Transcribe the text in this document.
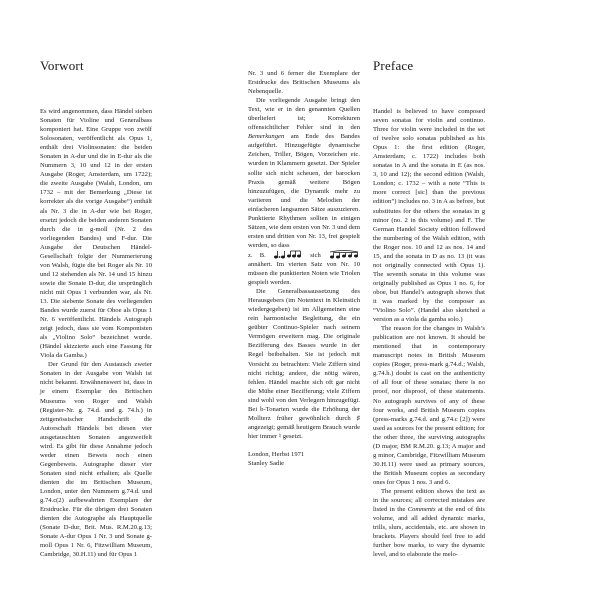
Vorwort

Es wird angenommen, dass Händel sieben Sonaten für Violine und Generalbass komponiert hat. Eine Gruppe von zwölf Solosonaten, veröffentlicht als Opus 1, enthält drei Violinsonaten: die beiden Sonaten in A-dur und die in E-dur als die Nummern 3, 10 und 12 in der ersten Ausgabe (Roger, Amsterdam, um 1722); die zweite Ausgabe (Walsh, London, um 1732 – mit der Bemerkung „Diese ist korrekter als die vorige Ausgabe“) enthält als Nr. 3 die in A-dur wie bei Roger, ersetzt jedoch die beiden anderen Sonaten durch die in g-moll (Nr. 2 des vorliegenden Bandes) und F-dur. Die Ausgabe der Deutschen Händel-Gesellschaft folgte der Nummerierung von Walsh, fügte die bei Roger als Nr. 10 und 12 stehenden als Nr. 14 und 15 hinzu sowie die Sonate D-dur, die ursprünglich nicht mit Opus 1 verbunden war, als Nr. 13. Die siebente Sonate des vorliegenden Bandes wurde zuerst für Oboe als Opus 1 Nr. 6 veröffentlicht. Händels Autograph zeigt jedoch, dass sie vom Komponisten als „Violino Solo“ bezeichnet wurde. (Händel skizzierte auch eine Fassung für Viola da Gamba.)

Der Grund für den Austausch zweier Sonaten in der Ausgabe von Walsh ist nicht bekannt. Erwähnenswert ist, dass in je einem Exemplar des Britischen Museums von Roger und Walsh (Register-Nr. g. 74.d. und g. 74.h.) in zeitgenössischer Handschrift die Autorschaft Händels bei diesen vier ausgetauschten Sonaten angezweifelt wird. Es gibt für diese Annahme jedoch weder einen Beweis noch einen Gegenbeweis. Autographe dieser vier Sonaten sind nicht erhalten; als Quelle dienten die im Britischen Museum, London, unter den Nummern g.74.d. und g.74.c(2) aufbewahrten Exemplare der Erstdrucke. Für die übrigen drei Sonaten dienten die Autographe als Hauptquelle (Sonate D-dur, Brit. Mus. R.M.20.g.13; Sonate A-dur Opus 1 Nr. 3 und Sonate g-moll Opus 1 Nr. 6, Fitzwilliam Museum, Cambridge, 30.H.11) und für Opus 1

Nr. 3 und 6 ferner die Exemplare der Erstdrucke des Britischen Museums als Nebenquelle.

Die vorliegende Ausgabe bringt den Text, wie er in den genannten Quellen überliefert ist; Korrekturen offensichtlicher Fehler sind in den Bemerkungen am Ende des Bandes aufgeführt. Hinzugefügte dynamische Zeichen, Triller, Bögen, Vorzeichen etc. wurden in Klammern gesetzt. Der Spieler sollte sich nicht scheuen, der barocken Praxis gemäß weitere Bögen hinzuzufügen, die Dynamik mehr zu variieren und die Melodien der einfacheren langsamen Sätze auszuzieren. Punktierte Rhythmen sollten in einigen Sätzen, wie dem ersten von Nr. 3 und dem ersten und dritten von Nr. 13, frei gespielt werden, so dass

z. B.	sich  annähert. Im vierten Satz von Nr. 10 müssen die punktierten Noten wie Triolen gespielt werden.

Die Generalbassaussetzung des Herausgebers (im Notentext in Kleinstich wiedergegeben) ist im Allgemeinen eine rein harmonische Begleitung, die ein geübter Continuo-Spieler nach seinem Vermögen erweitern mag. Die originale Bezifferung des Basses wurde in der Regel beibehalten. Sie ist jedoch mit Vorsicht zu betrachten: Viele Ziffern sind nicht richtig; andere, die nötig wären, fehlen. Händel machte sich oft gar nicht die Mühe einer Bezifferung; viele Ziffern sind wohl von den Verlegern hinzugefügt. Bei b-Tonarten wurde die Erhöhung der Mollterz früher gewöhnlich durch ♯ angezeigt; gemäß heutigem Brauch wurde hier immer ♮ gesetzt.

London, Herbst 1971

Stanley Sadie

Preface

Handel is believed to have composed seven sonatas for violin and continuo. Three for violin were included in the set of twelve solo sonatas published as his Opus 1: the first edition (Roger, Amsterdam; c. 1722) includes both sonatas in A and the sonata in E (as nos. 3, 10 and 12); the second edition (Walsh, London; c. 1732 – with a note “This is more correct [sic] than the previous edition”) includes no. 3 in A as before, but substitutes for the others the sonatas in g minor (no. 2 in this volume) and F. The German Handel Society edition followed the numbering of the Walsh edition, with the Roger nos. 10 and 12 as nos. 14 and 15, and the sonata in D as no. 13 (it was not originally connected with Opus 1). The seventh sonata in this volume was originally published as Opus 1 no. 6, for oboe, but Handel’s autograph shows that it was marked by the composer as “Violino Solo”. (Handel also sketched a version as a viola da gamba solo.)

The reason for the changes in Walsh’s publication are not known. It should be mentioned that in contemporary manuscript notes in British Museum copies (Roger, press-mark g.74.d.; Walsh, g.74.h.) doubt is cast on the authenticity of all four of these sonatas; there is no proof, nor disproof, of these statements. No autograph survives of any of these four works, and British Museum copies (press-marks g.74.d. and g.74.c [2]) were used as sources for the present edition; for the other three, the surviving autographs (D major, BM R.M.20. g.13; A major and g minor, Cambridge, Fitzwilliam Museum 30.H.11) were used as primary sources, the British Museum copies as secondary ones for Opus 1 nos. 3 and 6.

The present edition shows the text as in the sources; all corrected mistakes are listed in the Comments at the end of this volume, and all added dynamic marks, trills, slurs, accidentals, etc. are shown in brackets. Players should feel free to add further bow marks, to vary the dynamic level, and to elaborate the melo-
